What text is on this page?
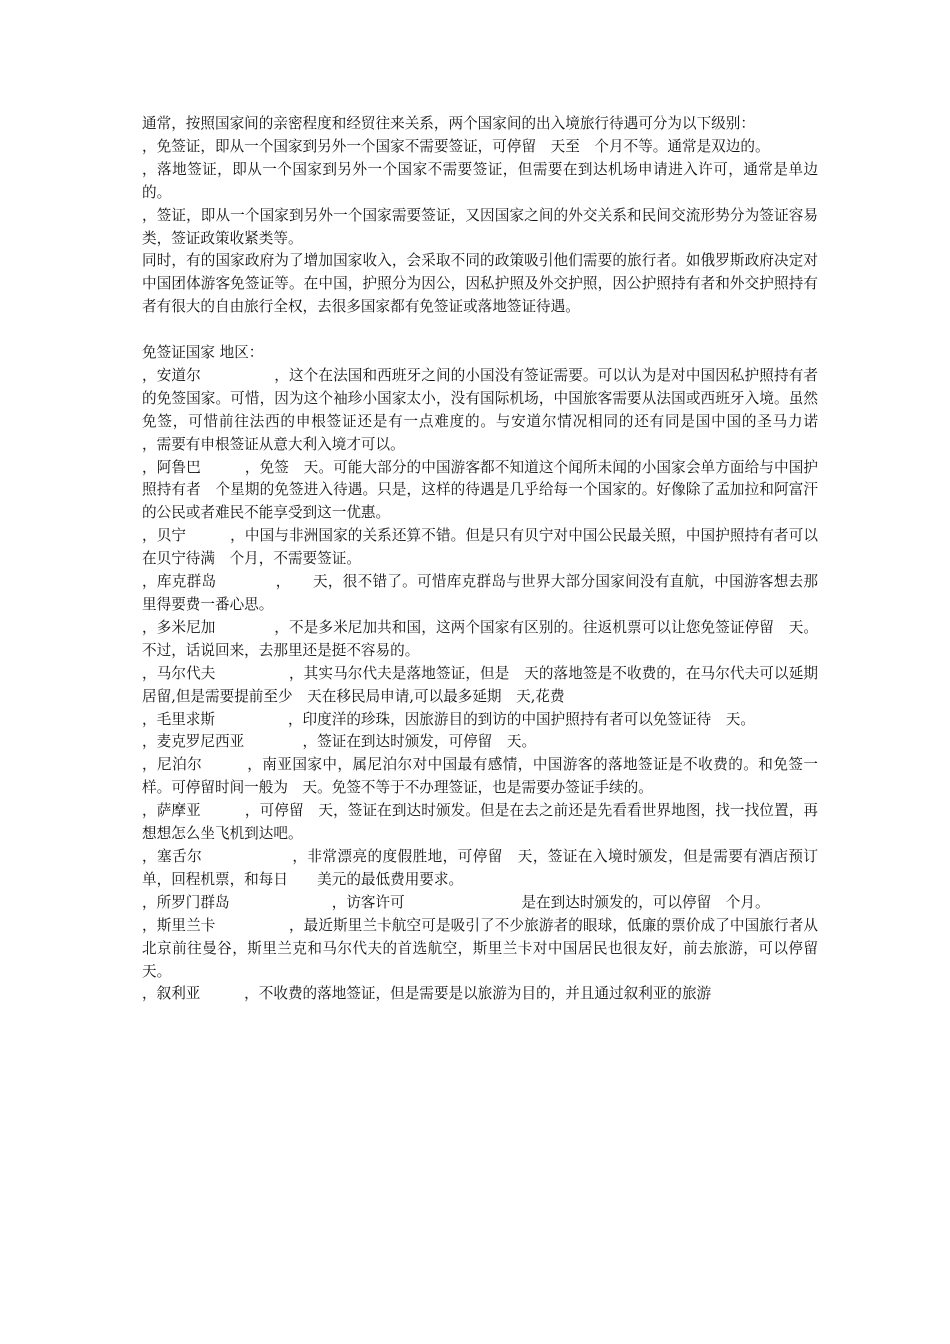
通常，按照国家间的亲密程度和经贸往来关系，两个国家间的出入境旅行待遇可分为以下级别：

，免签证，即从一个国家到另外一个国家不需要签证，可停留　天至　个月不等。通常是双边的。

，落地签证，即从一个国家到另外一个国家不需要签证，但需要在到达机场申请进入许可，通常是单边的。

，签证，即从一个国家到另外一个国家需要签证，又因国家之间的外交关系和民间交流形势分为签证容易类，签证政策收紧类等。

同时，有的国家政府为了增加国家收入，会采取不同的政策吸引他们需要的旅行者。如俄罗斯政府决定对中国团体游客免签证等。在中国，护照分为因公，因私护照及外交护照，因公护照持有者和外交护照持有者有很大的自由旅行全权，去很多国家都有免签证或落地签证待遇。

免签证国家 地区：

，安道尔　　　　　，这个在法国和西班牙之间的小国没有签证需要。可以认为是对中国因私护照持有者的免签国家。可惜，因为这个袖珍小国家太小，没有国际机场，中国旅客需要从法国或西班牙入境。虽然免签，可惜前往法西的申根签证还是有一点难度的。与安道尔情况相同的还有同是国中国的圣马力诺　　　　　　，需要有申根签证从意大利入境才可以。

，阿鲁巴　　　，免签　天。可能大部分的中国游客都不知道这个闻所未闻的小国家会单方面给与中国护照持有者　个星期的免签进入待遇。只是，这样的待遇是几乎给每一个国家的。好像除了孟加拉和阿富汗的公民或者难民不能享受到这一优惠。

，贝宁　　　，中国与非洲国家的关系还算不错。但是只有贝宁对中国公民最关照，中国护照持有者可以在贝宁待满　个月，不需要签证。

，库克群岛　　　　，　　天，很不错了。可惜库克群岛与世界大部分国家间没有直航，中国游客想去那里得要费一番心思。

，多米尼加　　　　，不是多米尼加共和国，这两个国家有区别的。往返机票可以让您免签证停留　天。不过，话说回来，去那里还是挺不容易的。

，马尔代夫　　　　　，其实马尔代夫是落地签证，但是　天的落地签是不收费的，在马尔代夫可以延期居留,但是需要提前至少　天在移民局申请,可以最多延期　天,花费

，毛里求斯　　　　　，印度洋的珍珠，因旅游目的到访的中国护照持有者可以免签证待　天。

，麦克罗尼西亚　　　　，签证在到达时颁发，可停留　天。

，尼泊尔　　　，南亚国家中，属尼泊尔对中国最有感情，中国游客的落地签证是不收费的。和免签一样。可停留时间一般为　天。免签不等于不办理签证，也是需要办签证手续的。

，萨摩亚　　　，可停留　天，签证在到达时颁发。但是在去之前还是先看看世界地图，找一找位置，再想想怎么坐飞机到达吧。

，塞舌尔　　　　　　，非常漂亮的度假胜地，可停留　天，签证在入境时颁发，但是需要有酒店预订单，回程机票，和每日　　美元的最低费用要求。

，所罗门群岛　　　　　　　，访客许可　　　　　　　　是在到达时颁发的，可以停留　个月。

，斯里兰卡　　　　　，最近斯里兰卡航空可是吸引了不少旅游者的眼球，低廉的票价成了中国旅行者从北京前往曼谷，斯里兰克和马尔代夫的首选航空，斯里兰卡对中国居民也很友好，前去旅游，可以停留　天。

，叙利亚　　　，不收费的落地签证，但是需要是以旅游为目的，并且通过叙利亚的旅游
